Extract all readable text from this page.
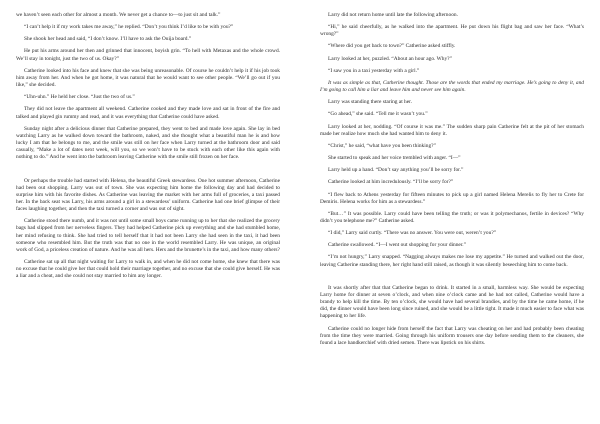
we haven’t seen each other for almost a month. We never get a chance to—to just sit and talk.”

“I can’t help it if my work takes me away,” he replied. “Don’t you think I’d like to be with you?”

She shook her head and said, “I don’t know. I’ll have to ask the Ouija board.”

He put his arms around her then and grinned that innocent, boyish grin. “To hell with Metaxas and the whole crowd. We’ll stay in tonight, just the two of us. Okay?”

Catherine looked into his face and knew that she was being unreasonable. Of course he couldn’t help it if his job took him away from her. And when he got home, it was natural that he would want to see other people. “We’ll go out if you like,” she decided.

“Uhn-uhn.” He held her close. “Just the two of us.”

They did not leave the apartment all weekend. Catherine cooked and they made love and sat in front of the fire and talked and played gin rummy and read, and it was everything that Catherine could have asked.

Sunday night after a delicious dinner that Catherine prepared, they went to bed and made love again. She lay in bed watching Larry as he walked down toward the bathroom, naked, and she thought what a beautiful man he is and how lucky I am that he belongs to me, and the smile was still on her face when Larry turned at the bathroom door and said casually, “Make a lot of dates next week, will you, so we won’t have to be stuck with each other like this again with nothing to do.” And he went into the bathroom leaving Catherine with the smile still frozen on her face.

Or perhaps the trouble had started with Helena, the beautiful Greek stewardess. One hot summer afternoon, Catherine had been out shopping. Larry was out of town. She was expecting him home the following day and had decided to surprise him with his favorite dishes. As Catherine was leaving the market with her arms full of groceries, a taxi passed her. In the back seat was Larry, his arms around a girl in a stewardess’ uniform. Catherine had one brief glimpse of their faces laughing together, and then the taxi turned a corner and was out of sight.

Catherine stood there numb, and it was not until some small boys came running up to her that she realized the grocery bags had slipped from her nerveless fingers. They had helped Catherine pick up everything and she had stumbled home, her mind refusing to think. She had tried to tell herself that it had not been Larry she had seen in the taxi, it had been someone who resembled him. But the truth was that no one in the world resembled Larry. He was unique, an original work of God, a priceless creation of nature. And he was all hers. Hers and the brunette’s in the taxi, and how many others?

Catherine sat up all that night waiting for Larry to walk in, and when he did not come home, she knew that there was no excuse that he could give her that could hold their marriage together, and no excuse that she could give herself. He was a liar and a cheat, and she could not stay married to him any longer.

Larry did not return home until late the following afternoon.

“Hi,” he said cheerfully, as he walked into the apartment. He put down his flight bag and saw her face. “What’s wrong?”

“Where did you get back to town?” Catherine asked stiffly.

Larry looked at her, puzzled. “About an hour ago. Why?”

“I saw you in a taxi yesterday with a girl.”

It was as simple as that, Catherine thought. Those are the words that ended my marriage. He’s going to deny it, and I’m going to call him a liar and leave him and never see him again.

Larry was standing there staring at her.

“Go ahead,” she said. “Tell me it wasn’t you.”

Larry looked at her, nodding. “Of course it was me.” The sudden sharp pain Catherine felt at the pit of her stomach made her realize how much she had wanted him to deny it.

“Christ,” he said, “what have you been thinking?”

She started to speak and her voice trembled with anger. “I—”

Larry held up a hand. “Don’t say anything you’ll be sorry for.”

Catherine looked at him incredulously. “I’ll be sorry for?”

“I flew back to Athens yesterday for fifteen minutes to pick up a girl named Helena Merelis to fly her to Crete for Demiris. Helena works for him as a stewardess.”

“But…” It was possible. Larry could have been telling the truth; or was it polymechanos, fertile in devices? “Why didn’t you telephone me?” Catherine asked.

“I did,” Larry said curtly. “There was no answer. You were out, weren’t you?”

Catherine swallowed. “I—I went out shopping for your dinner.”

“I’m not hungry,” Larry snapped. “Nagging always makes me lose my appetite.” He turned and walked out the door, leaving Catherine standing there, her right hand still raised, as though it was silently beseeching him to come back.

It was shortly after that that Catherine began to drink. It started in a small, harmless way. She would be expecting Larry home for dinner at seven o’clock, and when nine o’clock came and he had not called, Catherine would have a brandy to help kill the time. By ten o’clock, she would have had several brandies, and by the time he came home, if he did, the dinner would have been long since ruined, and she would be a little tight. It made it much easier to face what was happening to her life.

Catherine could no longer hide from herself the fact that Larry was cheating on her and had probably been cheating from the time they were married. Going through his uniform trousers one day before sending them to the cleaners, she found a lace handkerchief with dried semen. There was lipstick on his shirts.
